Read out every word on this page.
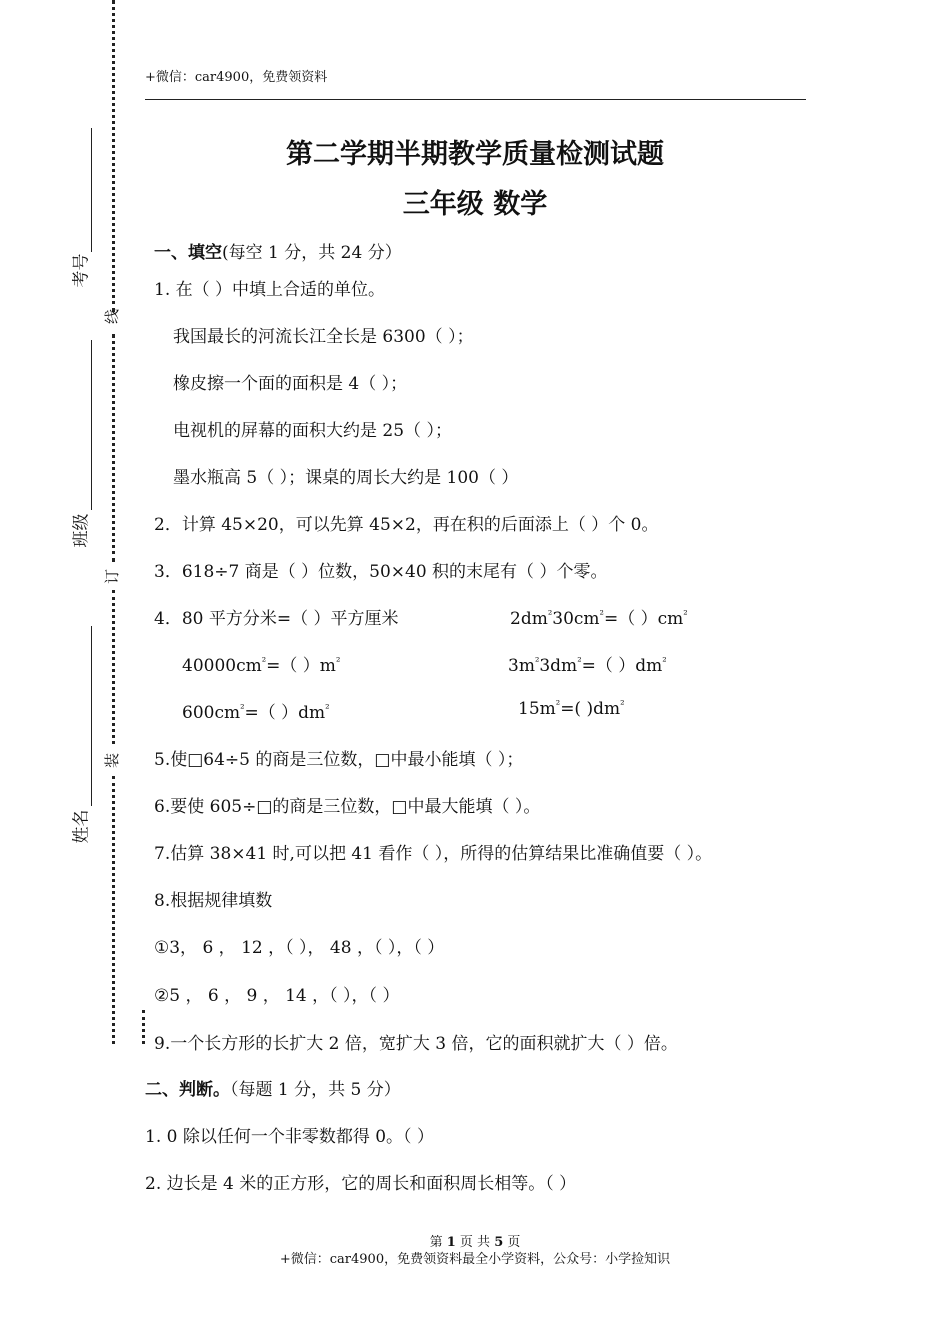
+微信：car4900，免费领资料
线
订
装
考号
班级
姓名
第二学期半期教学质量检测试题
三年级 数学
一、填空(每空 1 分，共 24 分）
1. 在（ ）中填上合适的单位。
我国最长的河流长江全长是 6300（ ）；
橡皮擦一个面的面积是 4（ ）；
电视机的屏幕的面积大约是 25（ ）；
墨水瓶高 5（ ）；课桌的周长大约是 100（ ）
2．计算 45×20，可以先算 45×2，再在积的后面添上（ ）个 0。
3．618÷7 商是（ ）位数，50×40 积的末尾有（ ）个零。
4．80 平方分米=（ ）平方厘米	$2dm^{^2}30cm^{^2}=$（ ）$cm^{^2}$
$40000cm^{^2}=$（ ）$m^{^2}$	$3m^{^2}3dm^{^2}=$（ ）$dm^{^2}$
$600cm^{^2}=$（ ）$dm^{^2}$	$15m^{^2}=$( )$dm^{^2}$
5.使□64÷5 的商是三位数，□中最小能填（ ）；
6.要使 605÷□的商是三位数，□中最大能填（ ）。
7.估算 38×41 时,可以把 41 看作（ ），所得的估算结果比准确值要（ ）。
8.根据规律填数
①3， 6 ， 12 ，（ ）， 48 ，（ ），（ ）
②5 ， 6 ， 9 ， 14 ，（ ），（ ）
9.一个长方形的长扩大 2 倍，宽扩大 3 倍，它的面积就扩大（ ）倍。
二、判断。（每题 1 分，共 5 分）
1. 0 除以任何一个非零数都得 0。（ ）
2. 边长是 4 米的正方形，它的周长和面积周长相等。（ ）
第 1 页 共 5 页
+微信：car4900，免费领资料最全小学资料，公众号：小学捡知识
